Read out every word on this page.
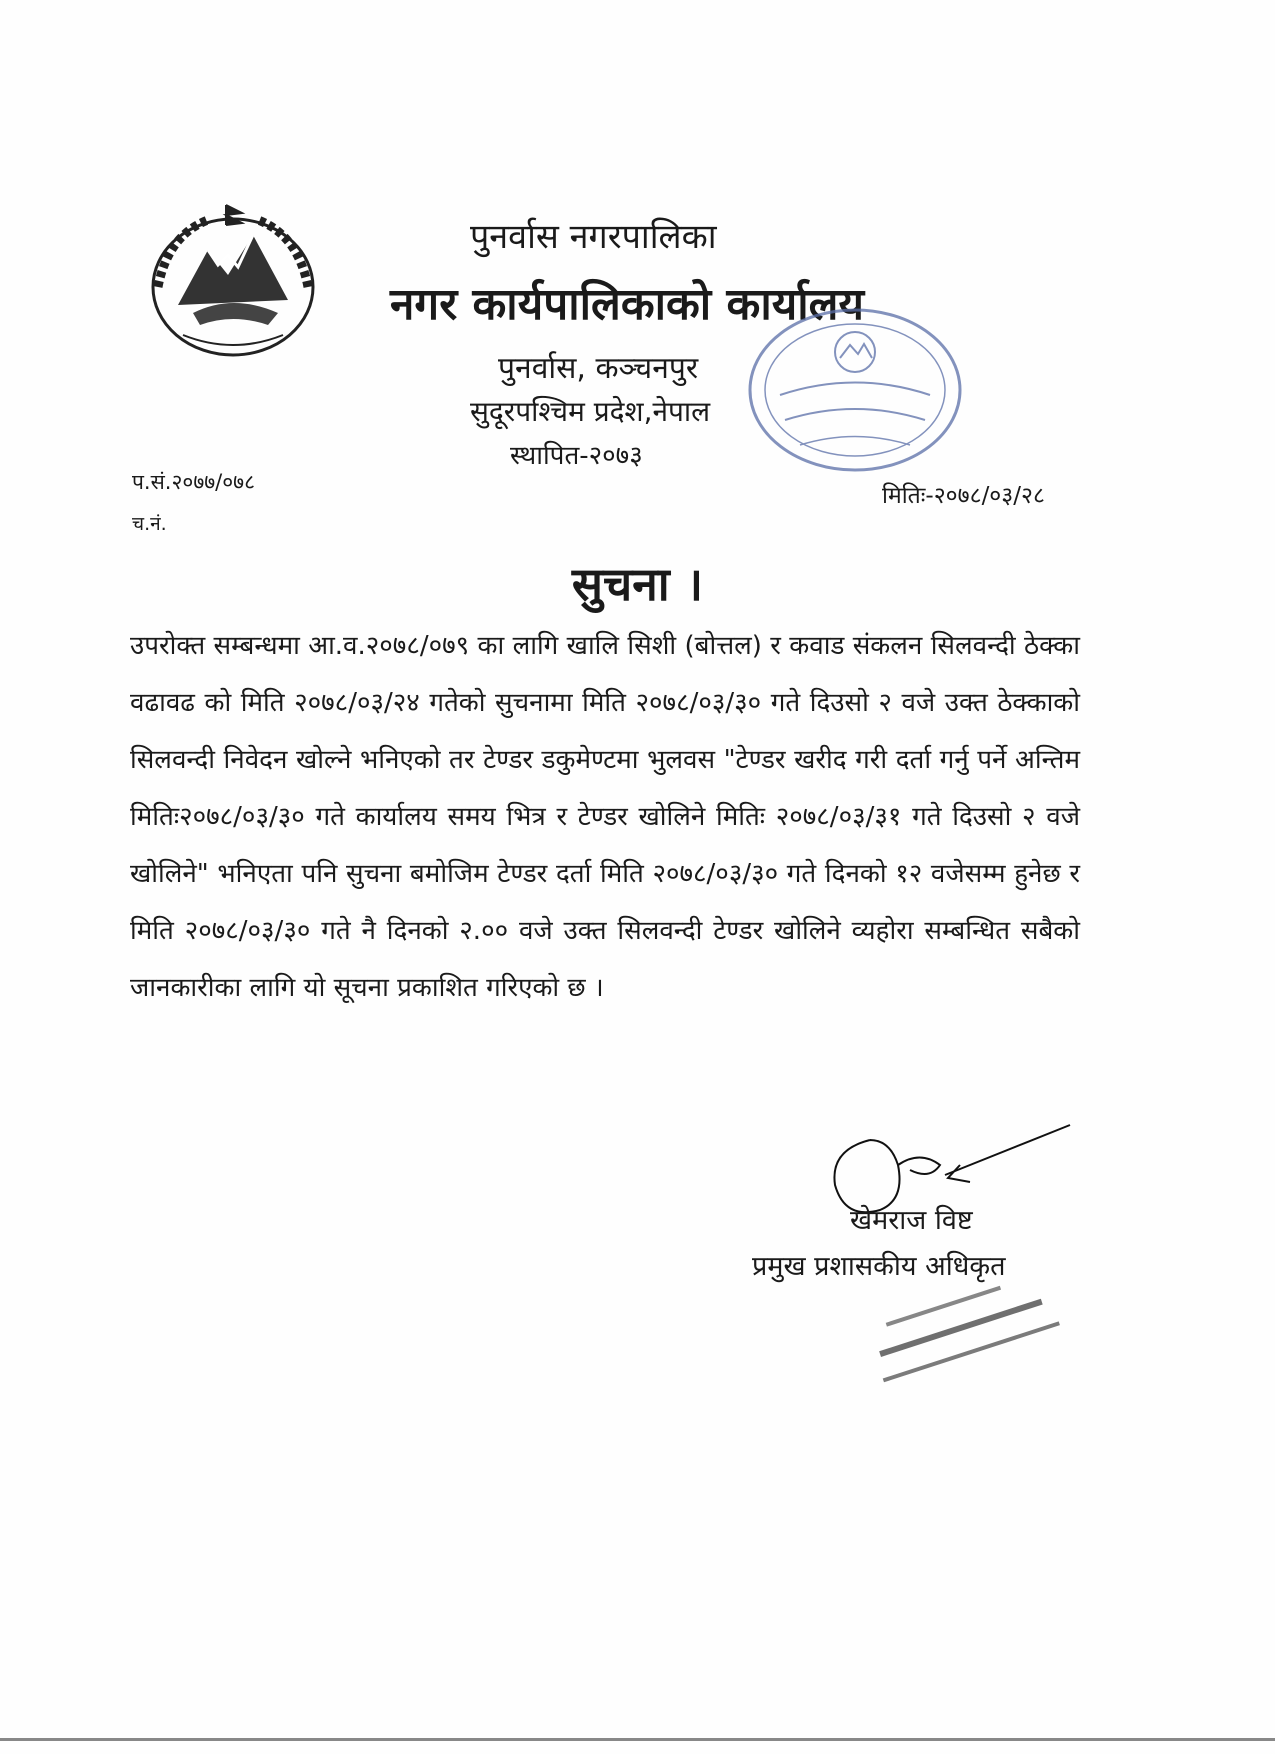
पुनर्वास नगरपालिका
नगर कार्यपालिकाको कार्यालय
पुनर्वास, कञ्चनपुर
सुदूरपश्चिम प्रदेश,नेपाल
स्थापित-२०७३
प.सं.२०७७/०७८
च.नं.
मितिः-२०७८/०३/२८
सुचना ।
उपरोक्त सम्बन्धमा आ.व.२०७८/०७९ का लागि खालि सिशी (बोत्तल) र कवाड संकलन सिलवन्दी ठेक्का वढावढ को मिति २०७८/०३/२४ गतेको सुचनामा मिति २०७८/०३/३० गते दिउसो २ वजे उक्त ठेक्काको सिलवन्दी निवेदन खोल्ने भनिएको तर टेण्डर डकुमेण्टमा भुलवस "टेण्डर खरीद गरी दर्ता गर्नु पर्ने अन्तिम मितिः२०७८/०३/३० गते कार्यालय समय भित्र र टेण्डर खोलिने मितिः २०७८/०३/३१ गते दिउसो २ वजे खोलिने" भनिएता पनि सुचना बमोजिम टेण्डर दर्ता मिति २०७८/०३/३० गते दिनको १२ वजेसम्म हुनेछ र मिति २०७८/०३/३० गते नै दिनको २.०० वजे उक्त सिलवन्दी टेण्डर खोलिने व्यहोरा सम्बन्धित सबैको जानकारीका लागि यो सूचना प्रकाशित गरिएको छ ।
खेमराज विष्ट
प्रमुख प्रशासकीय अधिकृत
